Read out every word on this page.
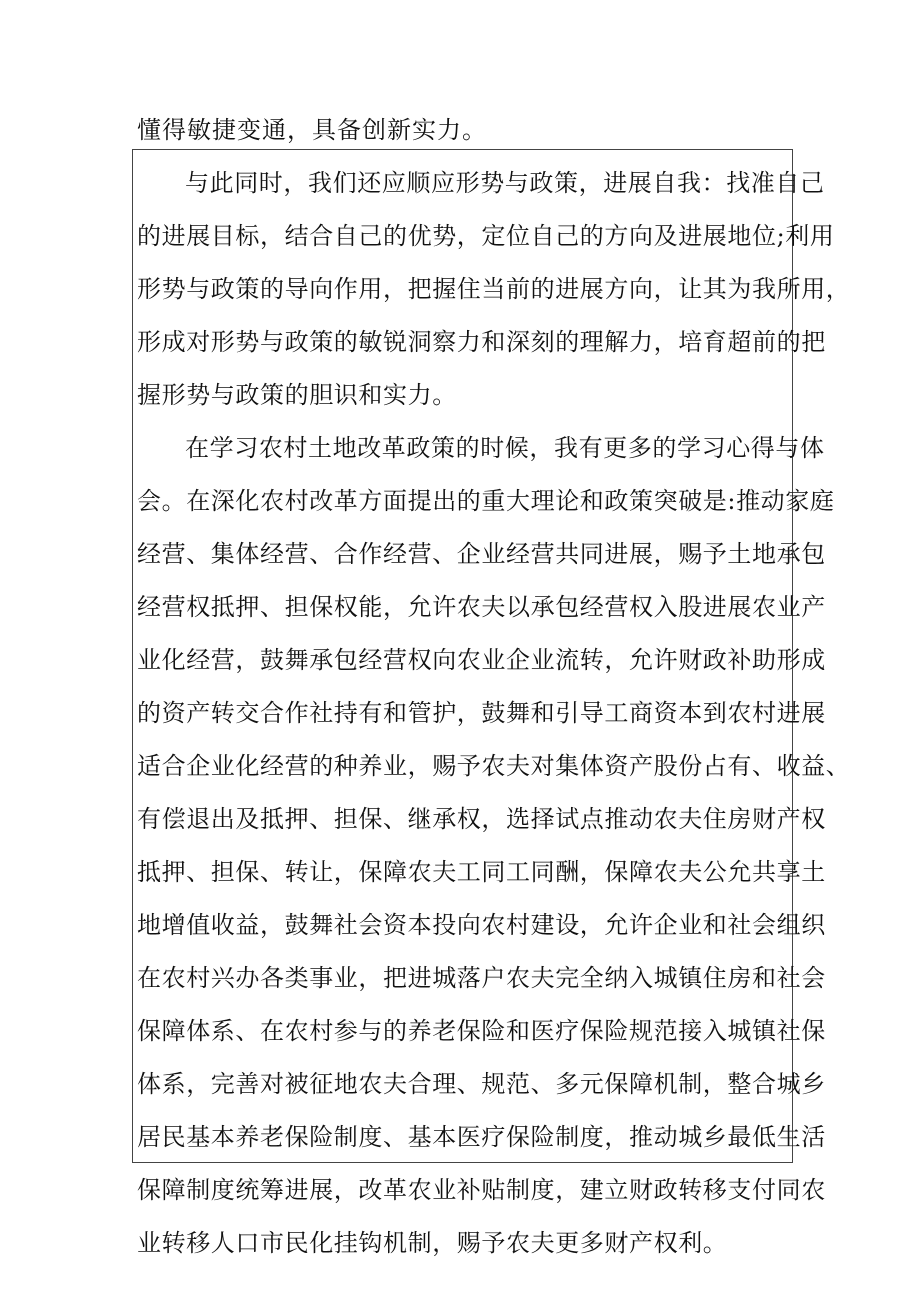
懂得敏捷变通，具备创新实力。
与此同时，我们还应顺应形势与政策，进展自我：找准自己
的进展目标，结合自己的优势，定位自己的方向及进展地位;利用
形势与政策的导向作用，把握住当前的进展方向，让其为我所用，
形成对形势与政策的敏锐洞察力和深刻的理解力，培育超前的把
握形势与政策的胆识和实力。
在学习农村土地改革政策的时候，我有更多的学习心得与体
会。在深化农村改革方面提出的重大理论和政策突破是:推动家庭
经营、集体经营、合作经营、企业经营共同进展，赐予土地承包
经营权抵押、担保权能，允许农夫以承包经营权入股进展农业产
业化经营，鼓舞承包经营权向农业企业流转，允许财政补助形成
的资产转交合作社持有和管护，鼓舞和引导工商资本到农村进展
适合企业化经营的种养业，赐予农夫对集体资产股份占有、收益、
有偿退出及抵押、担保、继承权，选择试点推动农夫住房财产权
抵押、担保、转让，保障农夫工同工同酬，保障农夫公允共享土
地增值收益，鼓舞社会资本投向农村建设，允许企业和社会组织
在农村兴办各类事业，把进城落户农夫完全纳入城镇住房和社会
保障体系、在农村参与的养老保险和医疗保险规范接入城镇社保
体系，完善对被征地农夫合理、规范、多元保障机制，整合城乡
居民基本养老保险制度、基本医疗保险制度，推动城乡最低生活
保障制度统筹进展，改革农业补贴制度，建立财政转移支付同农
业转移人口市民化挂钩机制，赐予农夫更多财产权利。
